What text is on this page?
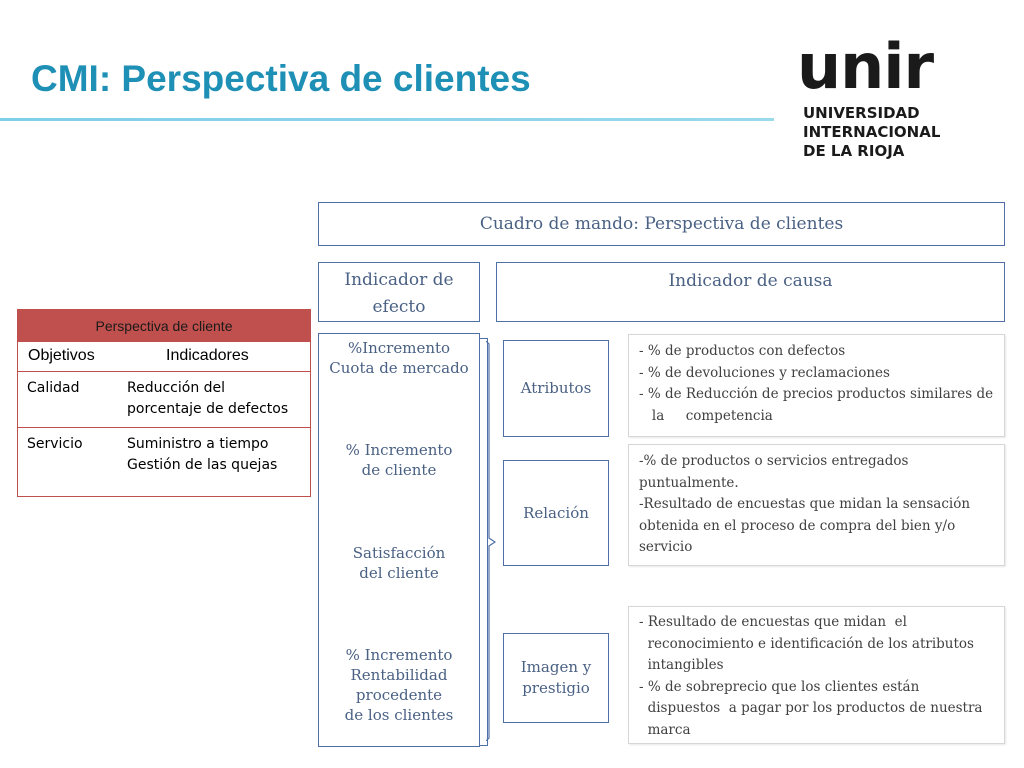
CMI: Perspectiva de clientes	unir
UNIVERSIDAD
INTERNACIONAL
DE LA RIOJA
Perspectiva de cliente
Objetivos	Indicadores
Calidad	Reducción del
porcentaje de defectos
Servicio	Suministro a tiempo
Gestión de las quejas
Cuadro de mando: Perspectiva de clientes
Indicador de
efecto
Indicador de causa
%Incremento
Cuota de mercado
% Incremento
de cliente
Satisfacción
del cliente
% Incremento
Rentabilidad
procedente
de los clientes
Atributos
Relación
Imagen y
prestigio
- % de productos con defectos
- % de devoluciones y reclamaciones
- % de Reducción de precios productos similares de
la     competencia
-% de productos o servicios entregados
puntualmente.
-Resultado de encuestas que midan la sensación
obtenida en el proceso de compra del bien y/o
servicio
- Resultado de encuestas que midan  el
reconocimiento e identificación de los atributos
intangibles
- % de sobreprecio que los clientes están
dispuestos  a pagar por los productos de nuestra
marca
